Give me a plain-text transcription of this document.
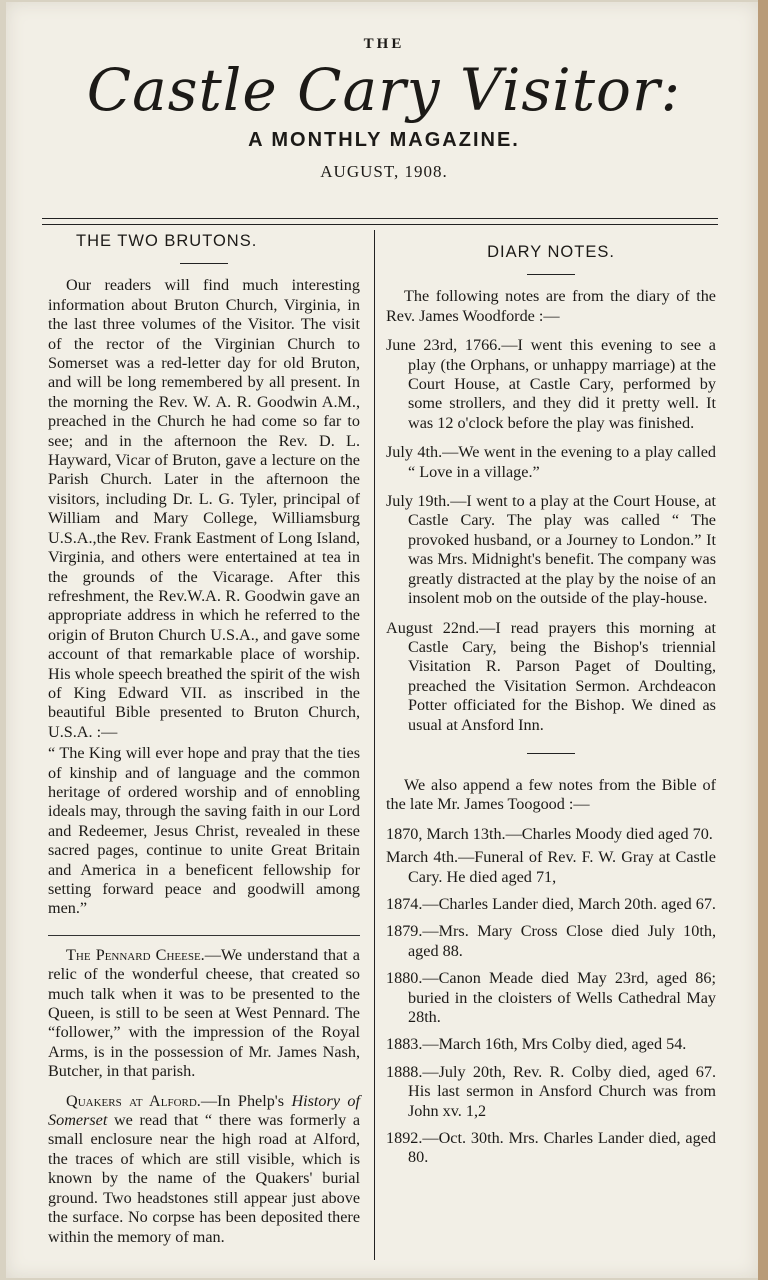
THE
Castle Cary Visitor:
A MONTHLY MAGAZINE.
AUGUST, 1908.
THE TWO BRUTONS.

Our readers will find much interesting information about Bruton Church, Virginia, in the last three volumes of the Visitor. The visit of the rector of the Virginian Church to Somerset was a red-letter day for old Bruton, and will be long remembered by all present. In the morning the Rev. W. A. R. Goodwin A.M., preached in the Church he had come so far to see; and in the afternoon the Rev. D. L. Hayward, Vicar of Bruton, gave a lecture on the Parish Church. Later in the afternoon the visitors, including Dr. L. G. Tyler, principal of William and Mary College, Williamsburg U.S.A.,the Rev. Frank Eastment of Long Island, Virginia, and others were entertained at tea in the grounds of the Vicarage. After this refreshment, the Rev.W.A. R. Goodwin gave an appropriate address in which he referred to the origin of Bruton Church U.S.A., and gave some account of that remarkable place of worship. His whole speech breathed the spirit of the wish of King Edward VII. as inscribed in the beautiful Bible presented to Bruton Church, U.S.A. :—

“ The King will ever hope and pray that the ties of kinship and of language and the common heritage of ordered worship and of ennobling ideals may, through the saving faith in our Lord and Redeemer, Jesus Christ, revealed in these sacred pages, continue to unite Great Britain and America in a beneficent fellowship for setting forward peace and goodwill among men.”

The Pennard Cheese.—We understand that a relic of the wonderful cheese, that created so much talk when it was to be presented to the Queen, is still to be seen at West Pennard. The “follower,” with the impression of the Royal Arms, is in the possession of Mr. James Nash, Butcher, in that parish.

Quakers at Alford.—In Phelp's History of Somerset we read that “ there was formerly a small enclosure near the high road at Alford, the traces of which are still visible, which is known by the name of the Quakers' burial ground. Two headstones still appear just above the surface. No corpse has been deposited there within the memory of man.

DIARY NOTES.

The following notes are from the diary of the Rev. James Woodforde :—

June 23rd, 1766.—I went this evening to see a play (the Orphans, or unhappy marriage) at the Court House, at Castle Cary, performed by some strollers, and they did it pretty well. It was 12 o'clock before the play was finished.

July 4th.—We went in the evening to a play called “ Love in a village.”

July 19th.—I went to a play at the Court House, at Castle Cary. The play was called “ The provoked husband, or a Journey to London.” It was Mrs. Midnight's benefit. The company was greatly distracted at the play by the noise of an insolent mob on the outside of the play-house.

August 22nd.—I read prayers this morning at Castle Cary, being the Bishop's triennial Visitation R. Parson Paget of Doulting, preached the Visitation Sermon. Archdeacon Potter officiated for the Bishop. We dined as usual at Ansford Inn.

We also append a few notes from the Bible of the late Mr. James Toogood :—

1870, March 13th.—Charles Moody died aged 70.

March 4th.—Funeral of Rev. F. W. Gray at Castle Cary. He died aged 71,

1874.—Charles Lander died, March 20th. aged 67.

1879.—Mrs. Mary Cross Close died July 10th, aged 88.

1880.—Canon Meade died May 23rd, aged 86; buried in the cloisters of Wells Cathedral May 28th.

1883.—March 16th, Mrs Colby died, aged 54.

1888.—July 20th, Rev. R. Colby died, aged 67. His last sermon in Ansford Church was from John xv. 1,2

1892.—Oct. 30th. Mrs. Charles Lander died, aged 80.
